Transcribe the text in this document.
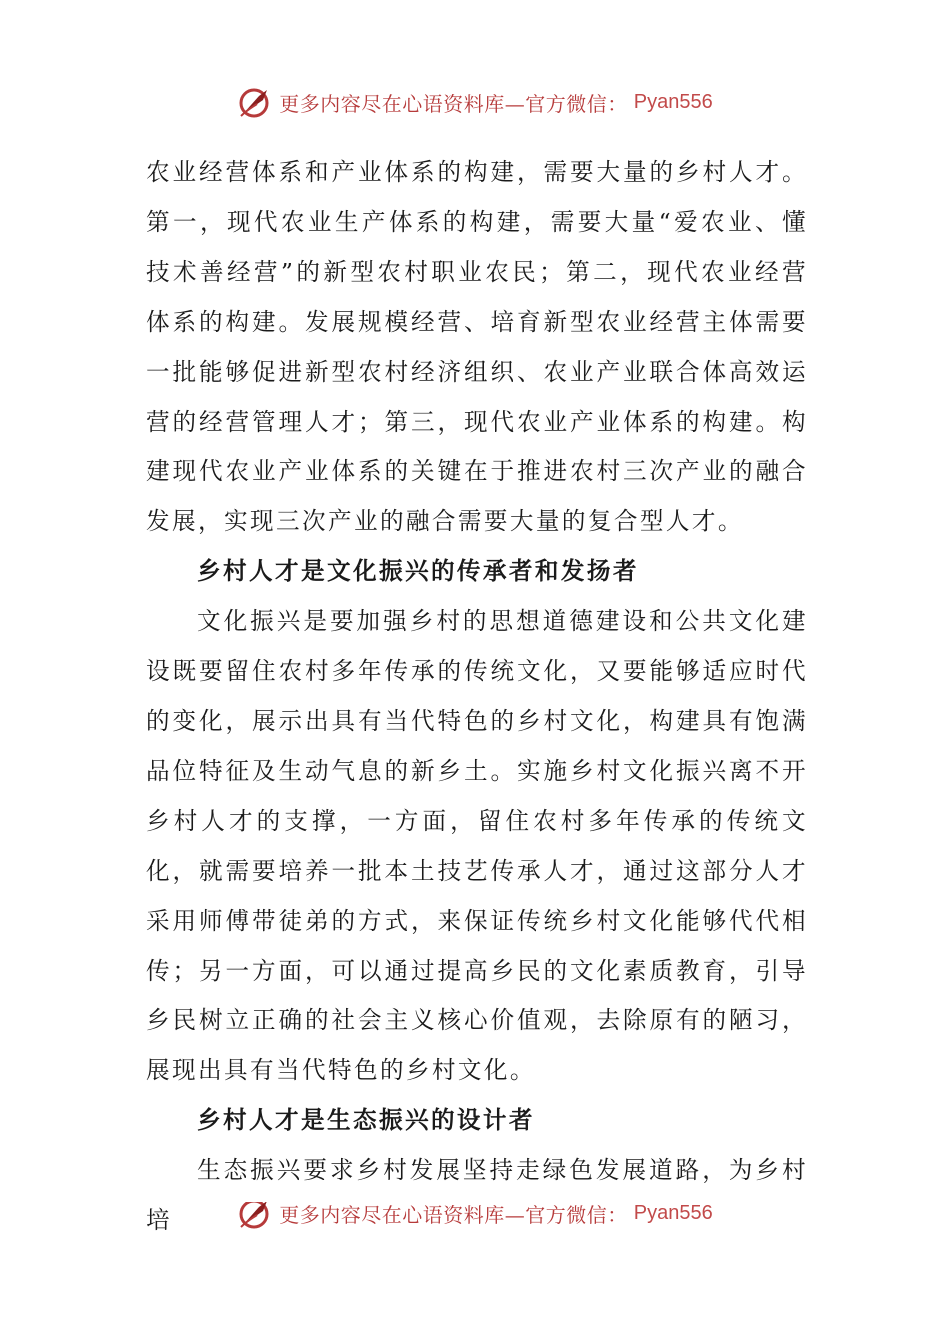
更多内容尽在心语资料库—官方微信： Pyan556

农业经营体系和产业体系的构建，需要大量的乡村人才。第一，现代农业生产体系的构建，需要大量“爱农业、懂技术善经营”的新型农村职业农民；第二，现代农业经营体系的构建。发展规模经营、培育新型农业经营主体需要一批能够促进新型农村经济组织、农业产业联合体高效运营的经营管理人才；第三，现代农业产业体系的构建。构建现代农业产业体系的关键在于推进农村三次产业的融合发展，实现三次产业的融合需要大量的复合型人才。

乡村人才是文化振兴的传承者和发扬者

文化振兴是要加强乡村的思想道德建设和公共文化建设既要留住农村多年传承的传统文化，又要能够适应时代的变化，展示出具有当代特色的乡村文化，构建具有饱满品位特征及生动气息的新乡土。实施乡村文化振兴离不开乡村人才的支撑，一方面，留住农村多年传承的传统文化，就需要培养一批本土技艺传承人才，通过这部分人才采用师傅带徒弟的方式，来保证传统乡村文化能够代代相传；另一方面，可以通过提高乡民的文化素质教育，引导乡民树立正确的社会主义核心价值观，去除原有的陋习，展现出具有当代特色的乡村文化。

乡村人才是生态振兴的设计者

生态振兴要求乡村发展坚持走绿色发展道路，为乡村培	更多内容尽在心语资料库—官方微信： Pyan556
